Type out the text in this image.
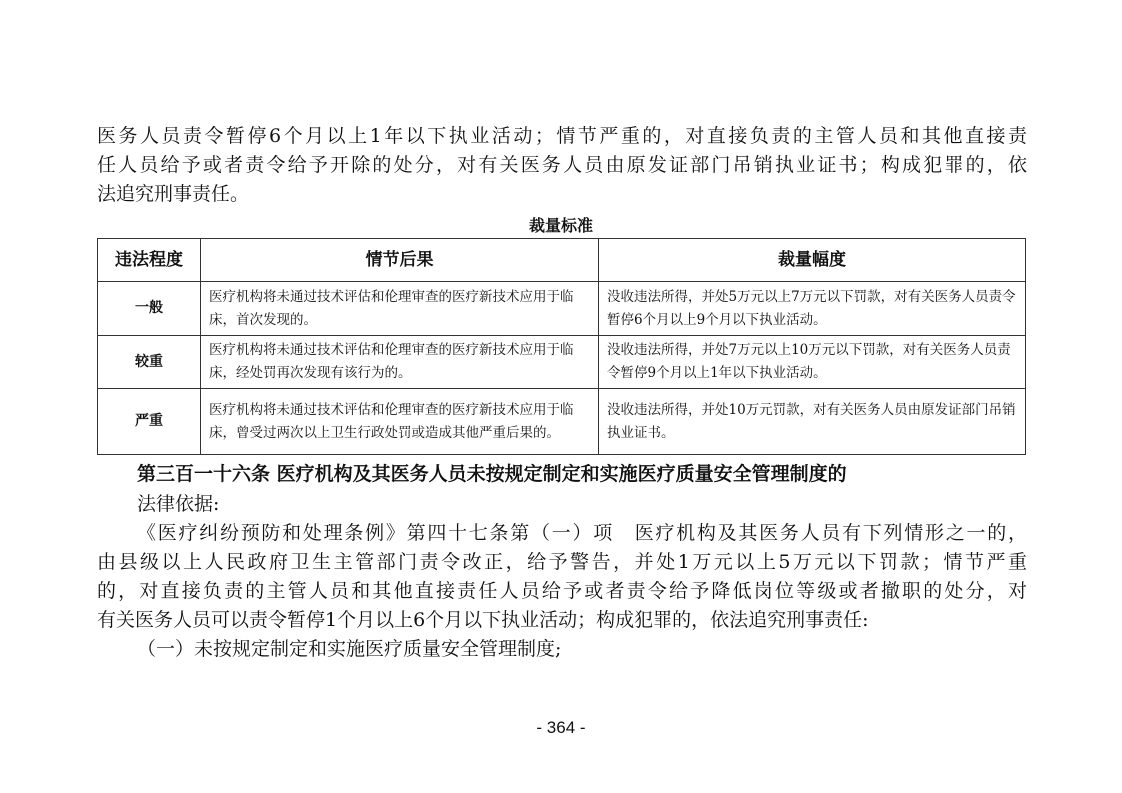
医务人员责令暂停6个月以上1年以下执业活动；情节严重的，对直接负责的主管人员和其他直接责
任人员给予或者责令给予开除的处分，对有关医务人员由原发证部门吊销执业证书；构成犯罪的，依
法追究刑事责任。
裁量标准
违法程度	情节后果	裁量幅度
一般	医疗机构将未通过技术评估和伦理审查的医疗新技术应用于临床，首次发现的。	没收违法所得，并处5万元以上7万元以下罚款，对有关医务人员责令暂停6个月以上9个月以下执业活动。
较重	医疗机构将未通过技术评估和伦理审查的医疗新技术应用于临床，经处罚再次发现有该行为的。	没收违法所得，并处7万元以上10万元以下罚款，对有关医务人员责令暂停9个月以上1年以下执业活动。
严重	医疗机构将未通过技术评估和伦理审查的医疗新技术应用于临床，曾受过两次以上卫生行政处罚或造成其他严重后果的。	没收违法所得，并处10万元罚款，对有关医务人员由原发证部门吊销执业证书。
第三百一十六条 医疗机构及其医务人员未按规定制定和实施医疗质量安全管理制度的
法律依据:
《医疗纠纷预防和处理条例》第四十七条第（一）项　医疗机构及其医务人员有下列情形之一的，
由县级以上人民政府卫生主管部门责令改正，给予警告，并处1万元以上5万元以下罚款；情节严重
的，对直接负责的主管人员和其他直接责任人员给予或者责令给予降低岗位等级或者撤职的处分，对
有关医务人员可以责令暂停1个月以上6个月以下执业活动；构成犯罪的，依法追究刑事责任:
（一）未按规定制定和实施医疗质量安全管理制度;
- 364 -
